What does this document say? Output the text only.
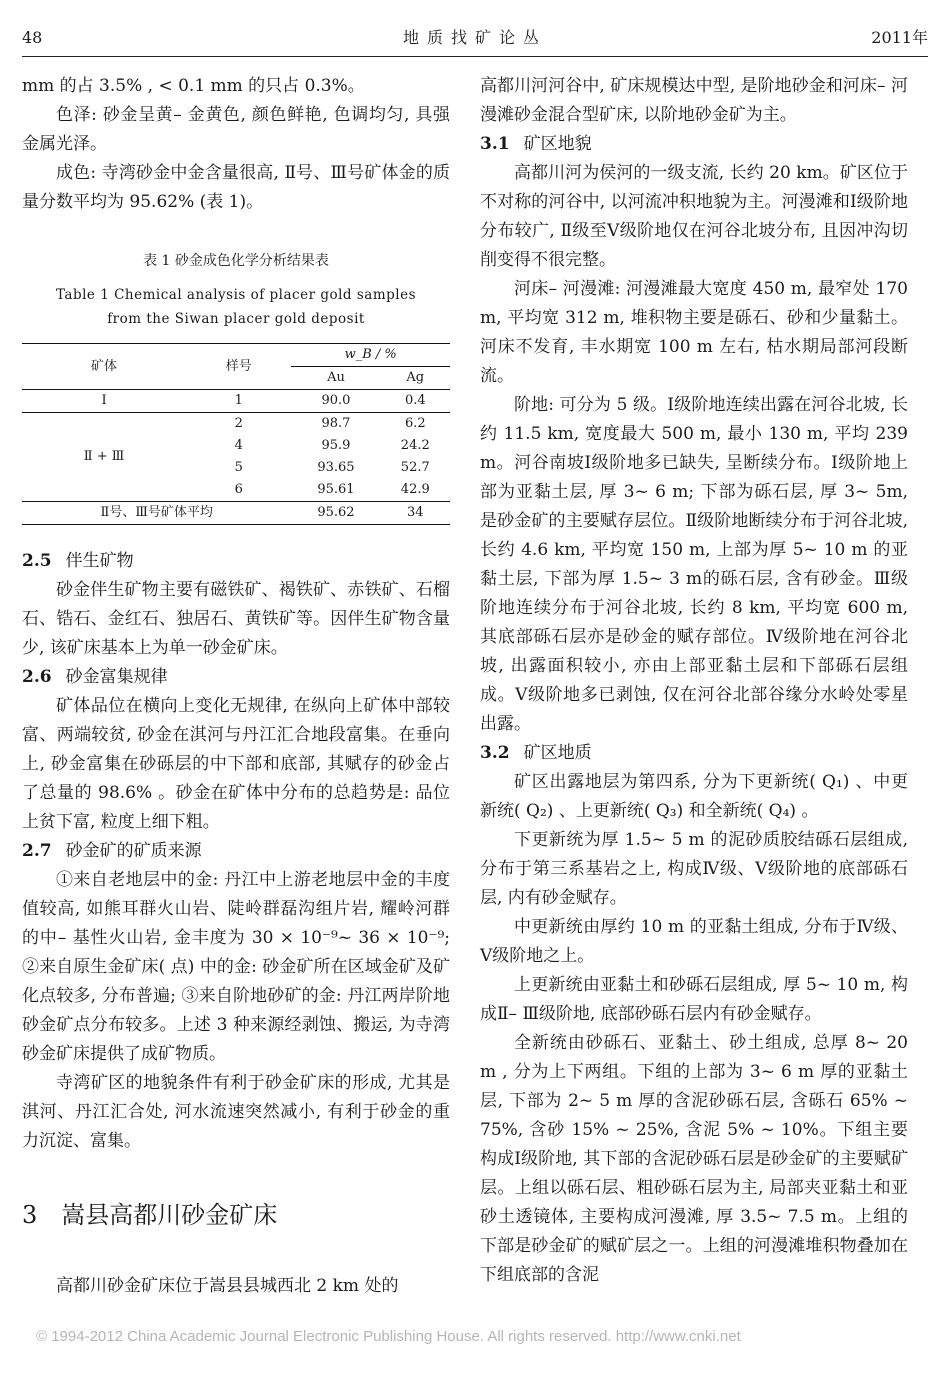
48	地质找矿论丛	2011年

mm 的占 3.5% , < 0.1 mm 的只占 0.3%。

色泽: 砂金呈黄– 金黄色, 颜色鲜艳, 色调均匀, 具强金属光泽。

成色: 寺湾砂金中金含量很高, Ⅱ号、Ⅲ号矿体金的质量分数平均为 95.62% (表 1)。

表 1 砂金成色化学分析结果表
Table 1 Chemical analysis of placer gold samples
from the Siwan placer gold deposit
矿体	样号	w_B / %	
		Au	Ag
Ⅰ	1	90.0	0.4
Ⅱ + Ⅲ	2	98.7	6.2
	4	95.9	24.2
	5	93.65	52.7
	6	95.61	42.9
Ⅱ号、Ⅲ号矿体平均		95.62	34

2.5 伴生矿物

砂金伴生矿物主要有磁铁矿、褐铁矿、赤铁矿、石榴石、锆石、金红石、独居石、黄铁矿等。因伴生矿物含量少, 该矿床基本上为单一砂金矿床。

2.6 砂金富集规律

矿体品位在横向上变化无规律, 在纵向上矿体中部较富、两端较贫, 砂金在淇河与丹江汇合地段富集。在垂向上, 砂金富集在砂砾层的中下部和底部, 其赋存的砂金占了总量的 98.6% 。砂金在矿体中分布的总趋势是: 品位上贫下富, 粒度上细下粗。

2.7 砂金矿的矿质来源

①来自老地层中的金: 丹江中上游老地层中金的丰度值较高, 如熊耳群火山岩、陡岭群磊沟组片岩, 耀岭河群的中– 基性火山岩, 金丰度为 30 × 10⁻⁹~ 36 × 10⁻⁹; ②来自原生金矿床( 点) 中的金: 砂金矿所在区域金矿及矿化点较多, 分布普遍; ③来自阶地砂矿的金: 丹江两岸阶地砂金矿点分布较多。上述 3 种来源经剥蚀、搬运, 为寺湾砂金矿床提供了成矿物质。

寺湾矿区的地貌条件有利于砂金矿床的形成, 尤其是淇河、丹江汇合处, 河水流速突然减小, 有利于砂金的重力沉淀、富集。

3 嵩县高都川砂金矿床

高都川砂金矿床位于嵩县县城西北 2 km 处的

高都川河河谷中, 矿床规模达中型, 是阶地砂金和河床– 河漫滩砂金混合型矿床, 以阶地砂金矿为主。

3.1 矿区地貌

高都川河为侯河的一级支流, 长约 20 km。矿区位于不对称的河谷中, 以河流冲积地貌为主。河漫滩和Ⅰ级阶地分布较广, Ⅱ级至Ⅴ级阶地仅在河谷北坡分布, 且因冲沟切削变得不很完整。

河床– 河漫滩: 河漫滩最大宽度 450 m, 最窄处 170 m, 平均宽 312 m, 堆积物主要是砾石、砂和少量黏土。河床不发育, 丰水期宽 100 m 左右, 枯水期局部河段断流。

阶地: 可分为 5 级。Ⅰ级阶地连续出露在河谷北坡, 长约 11.5 km, 宽度最大 500 m, 最小 130 m, 平均 239 m。河谷南坡Ⅰ级阶地多已缺失, 呈断续分布。Ⅰ级阶地上部为亚黏土层, 厚 3~ 6 m; 下部为砾石层, 厚 3~ 5m, 是砂金矿的主要赋存层位。Ⅱ级阶地断续分布于河谷北坡, 长约 4.6 km, 平均宽 150 m, 上部为厚 5~ 10 m 的亚黏土层, 下部为厚 1.5~ 3 m的砾石层, 含有砂金。Ⅲ级阶地连续分布于河谷北坡, 长约 8 km, 平均宽 600 m, 其底部砾石层亦是砂金的赋存部位。Ⅳ级阶地在河谷北坡, 出露面积较小, 亦由上部亚黏土层和下部砾石层组成。Ⅴ级阶地多已剥蚀, 仅在河谷北部谷缘分水岭处零星出露。

3.2 矿区地质

矿区出露地层为第四系, 分为下更新统( Q₁) 、中更新统( Q₂) 、上更新统( Q₃) 和全新统( Q₄) 。

下更新统为厚 1.5~ 5 m 的泥砂质胶结砾石层组成, 分布于第三系基岩之上, 构成Ⅳ级、Ⅴ级阶地的底部砾石层, 内有砂金赋存。

中更新统由厚约 10 m 的亚黏土组成, 分布于Ⅳ级、Ⅴ级阶地之上。

上更新统由亚黏土和砂砾石层组成, 厚 5~ 10 m, 构成Ⅱ– Ⅲ级阶地, 底部砂砾石层内有砂金赋存。

全新统由砂砾石、亚黏土、砂土组成, 总厚 8~ 20 m , 分为上下两组。下组的上部为 3~ 6 m 厚的亚黏土层, 下部为 2~ 5 m 厚的含泥砂砾石层, 含砾石 65% ~ 75%, 含砂 15% ~ 25%, 含泥 5% ~ 10%。下组主要构成Ⅰ级阶地, 其下部的含泥砂砾石层是砂金矿的主要赋矿层。上组以砾石层、粗砂砾石层为主, 局部夹亚黏土和亚砂土透镜体, 主要构成河漫滩, 厚 3.5~ 7.5 m。上组的下部是砂金矿的赋矿层之一。上组的河漫滩堆积物叠加在下组底部的含泥

© 1994-2012 China Academic Journal Electronic Publishing House. All rights reserved. http://www.cnki.net
